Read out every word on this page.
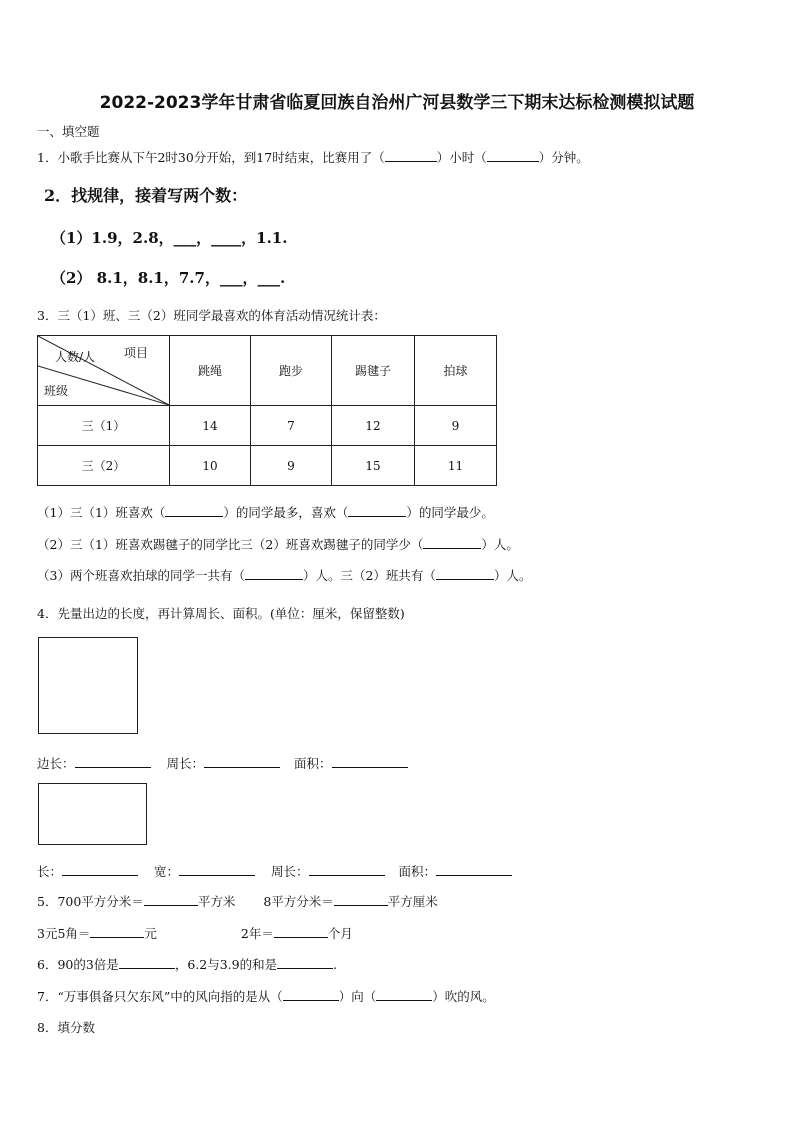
2022-2023学年甘肃省临夏回族自治州广河县数学三下期末达标检测模拟试题
一、填空题
1．小歌手比赛从下午2时30分开始，到17时结束，比赛用了（	）小时（	）分钟。
2．找规律，接着写两个数：
（1）1.9，2.8，___，____，1.1.
（2） 8.1，8.1，7.7，___，___.
3．三（1）班、三（2）班同学最喜欢的体育活动情况统计表：
项目
人数/人
班级	跳绳	跑步	踢毽子	拍球
三（1）	14	7	12	9
三（2）	10	9	15	11
（1）三（1）班喜欢（	）的同学最多，喜欢（	）的同学最少。
（2）三（1）班喜欢踢毽子的同学比三（2）班喜欢踢毽子的同学少（	）人。
（3）两个班喜欢拍球的同学一共有（	）人。三（2）班共有（	）人。
4．先量出边的长度，再计算周长、面积。(单位：厘米，保留整数)
边长：	周长：	面积：
长：	宽：	周长：	面积：
5．700平方分米＝	平方米 8平方分米＝	平方厘米
3元5角＝	元	2年＝	个月
6．90的3倍是	，6.2与3.9的和是	.
7．“万事俱备只欠东风”中的风向指的是从（	）向（	）吹的风。
8．填分数
